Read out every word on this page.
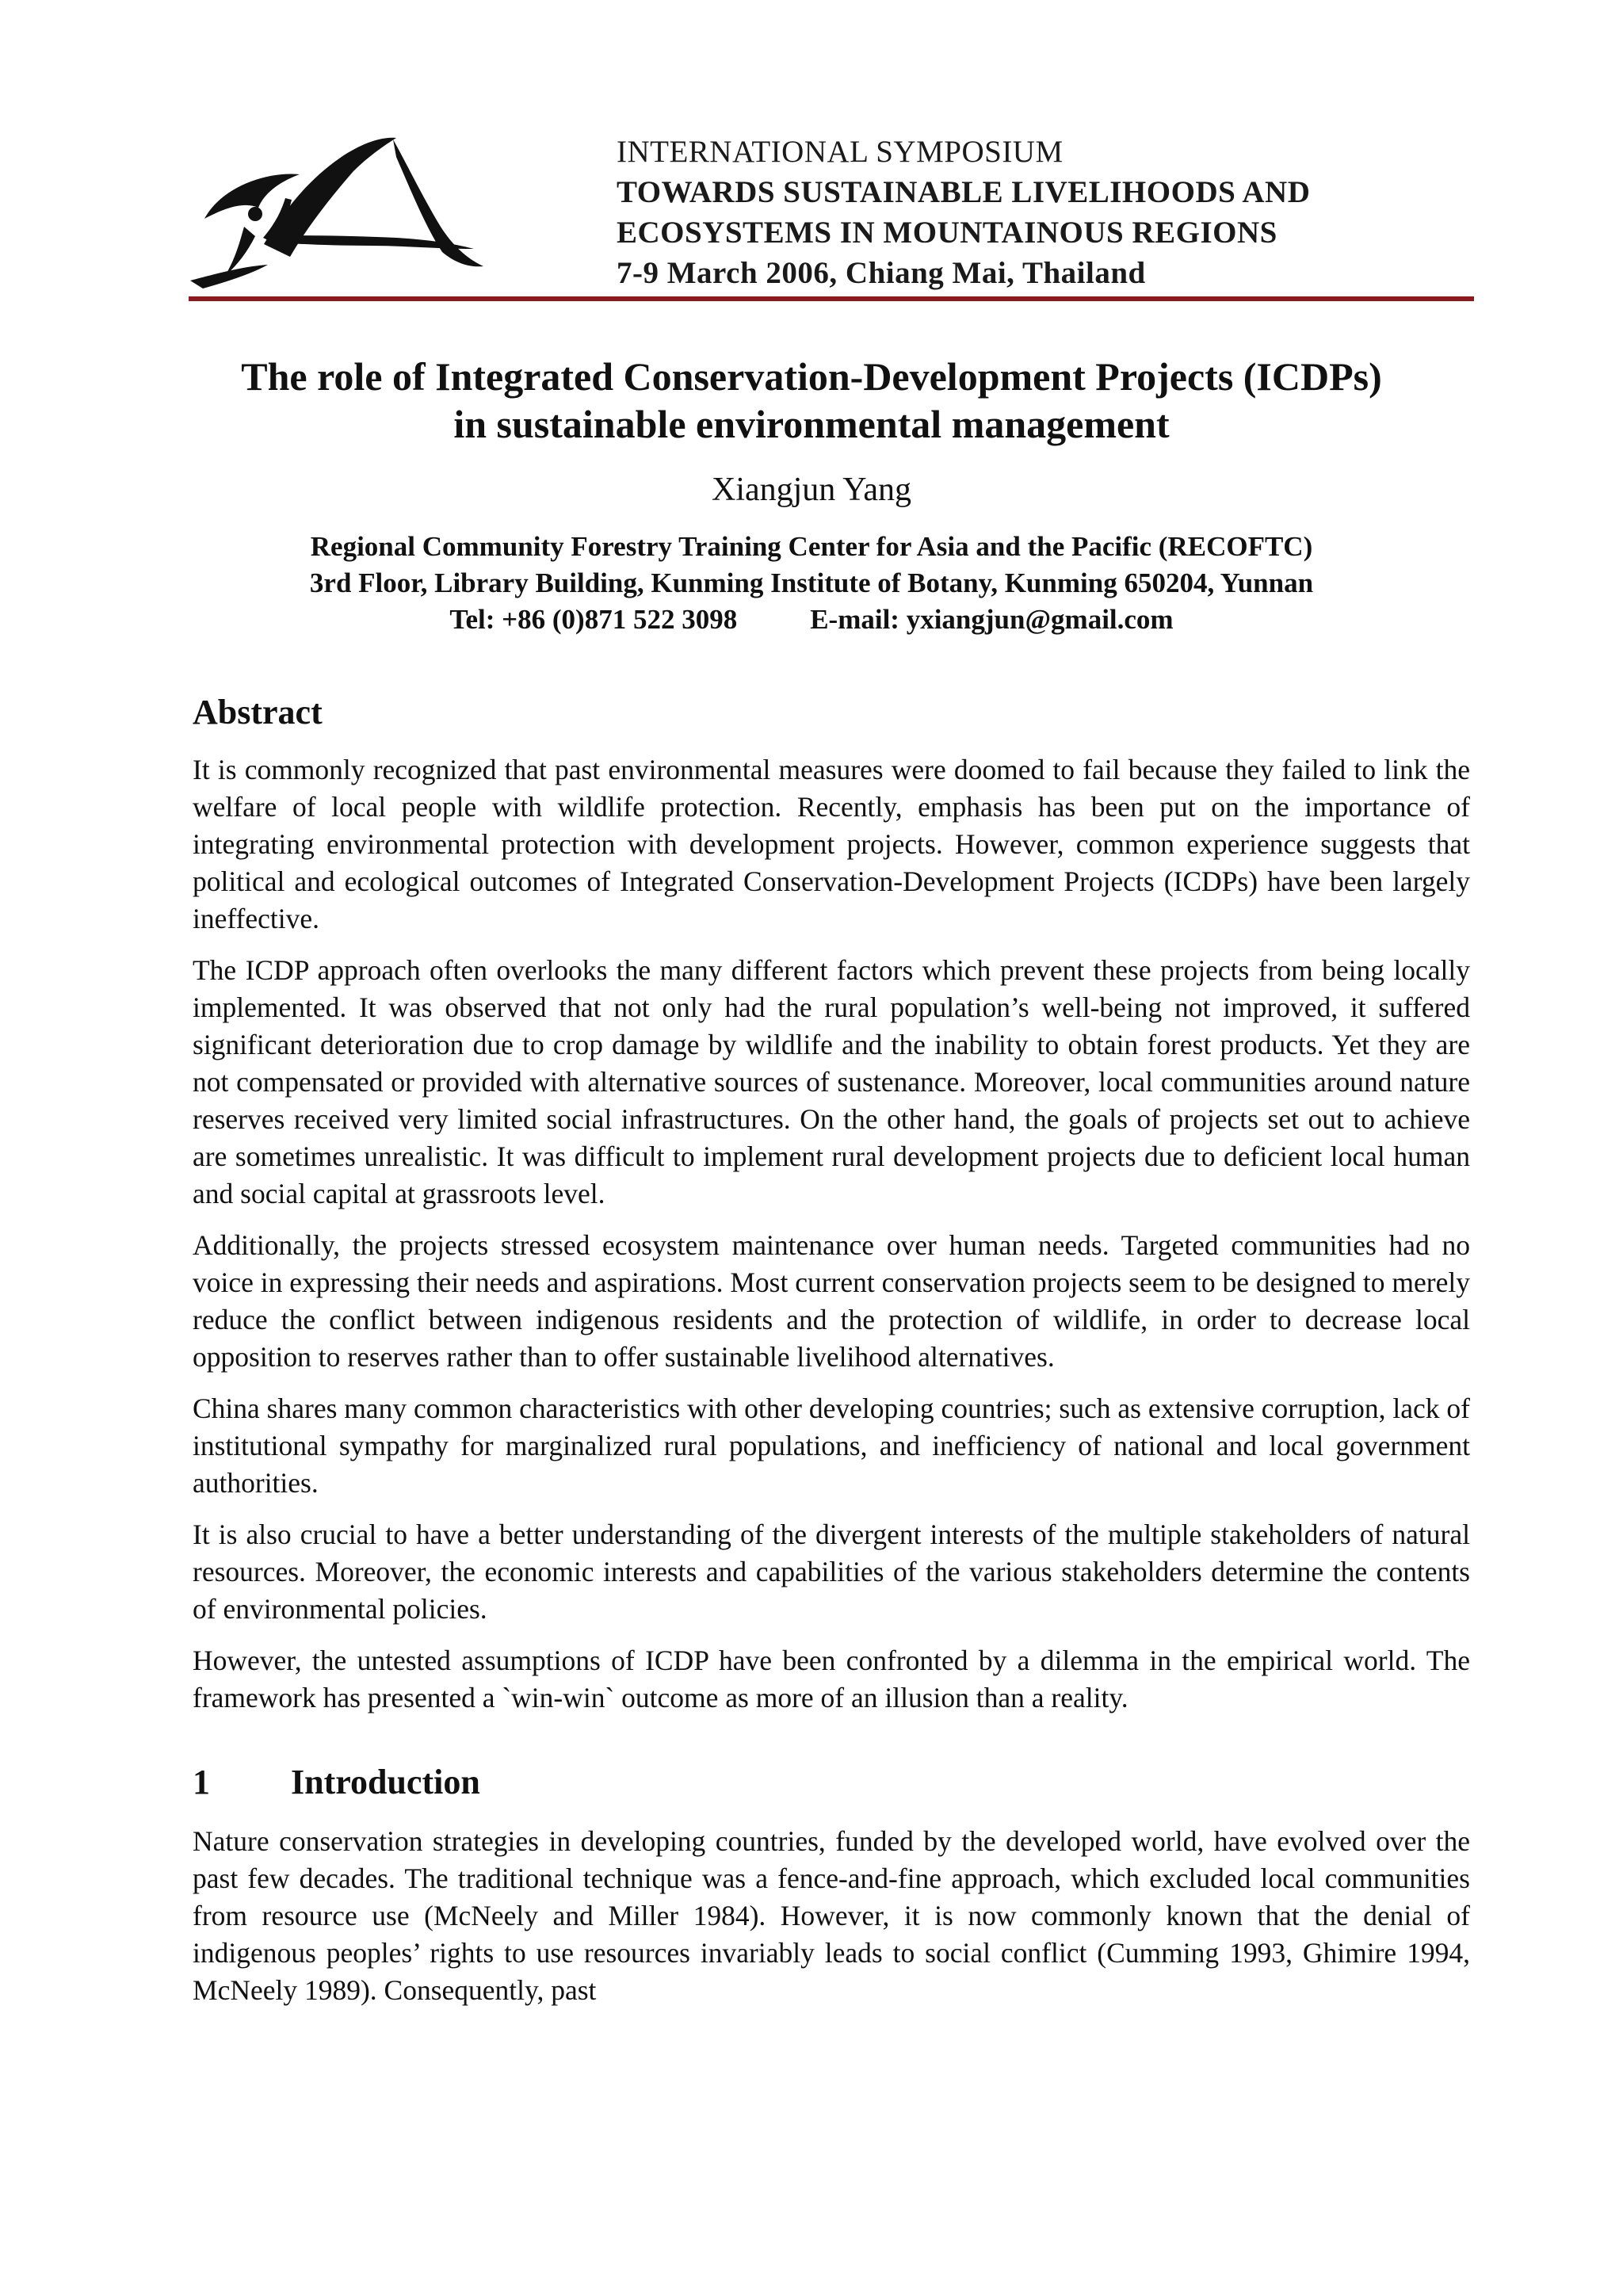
INTERNATIONAL SYMPOSIUM
TOWARDS SUSTAINABLE LIVELIHOODS AND
ECOSYSTEMS IN MOUNTAINOUS REGIONS
7-9 March 2006, Chiang Mai, Thailand
The role of Integrated Conservation-Development Projects (ICDPs)
in sustainable environmental management
Xiangjun Yang
Regional Community Forestry Training Center for Asia and the Pacific (RECOFTC)
3rd Floor, Library Building, Kunming Institute of Botany, Kunming 650204, Yunnan
Tel: +86 (0)871 522 3098	E-mail: yxiangjun@gmail.com
Abstract

It is commonly recognized that past environmental measures were doomed to fail because they failed to link the welfare of local people with wildlife protection. Recently, emphasis has been put on the importance of integrating environmental protection with development projects. However, common experience suggests that political and ecological outcomes of Integrated Conservation-Development Projects (ICDPs) have been largely ineffective.

The ICDP approach often overlooks the many different factors which prevent these projects from being locally implemented. It was observed that not only had the rural population’s well-being not improved, it suffered significant deterioration due to crop damage by wildlife and the inability to obtain forest products. Yet they are not compensated or provided with alternative sources of sustenance. Moreover, local communities around nature reserves received very limited social infrastructures. On the other hand, the goals of projects set out to achieve are sometimes unrealistic. It was difficult to implement rural development projects due to deficient local human and social capital at grassroots level.

Additionally, the projects stressed ecosystem maintenance over human needs. Targeted communities had no voice in expressing their needs and aspirations. Most current conservation projects seem to be designed to merely reduce the conflict between indigenous residents and the protection of wildlife, in order to decrease local opposition to reserves rather than to offer sustainable livelihood alternatives.

China shares many common characteristics with other developing countries; such as extensive corruption, lack of institutional sympathy for marginalized rural populations, and inefficiency of national and local government authorities.

It is also crucial to have a better understanding of the divergent interests of the multiple stakeholders of natural resources. Moreover, the economic interests and capabilities of the various stakeholders determine the contents of environmental policies.

However, the untested assumptions of ICDP have been confronted by a dilemma in the empirical world. The framework has presented a `win-win` outcome as more of an illusion than a reality.

1 Introduction

Nature conservation strategies in developing countries, funded by the developed world, have evolved over the past few decades. The traditional technique was a fence-and-fine approach, which excluded local communities from resource use (McNeely and Miller 1984). However, it is now commonly known that the denial of indigenous peoples’ rights to use resources invariably leads to social conflict (Cumming 1993, Ghimire 1994, McNeely 1989). Consequently, past
